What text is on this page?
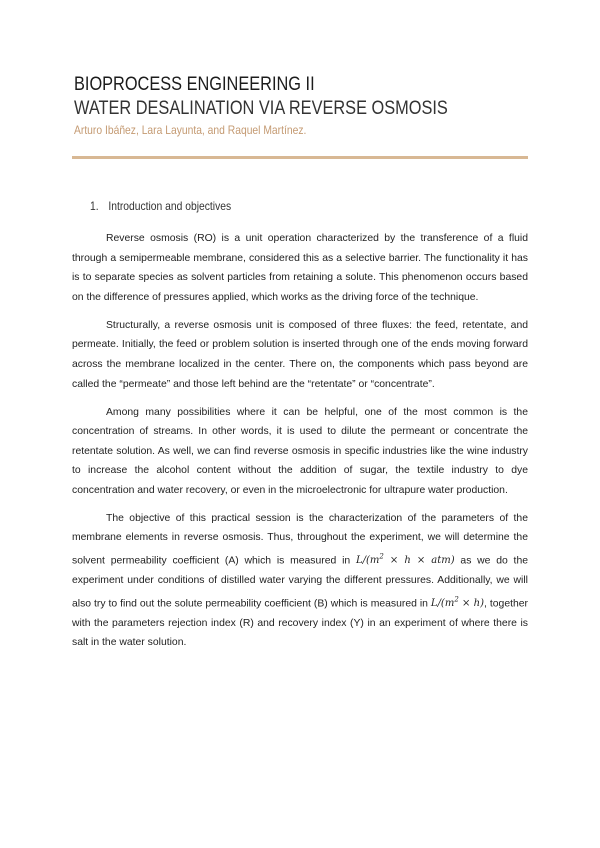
BIOPROCESS ENGINEERING II
WATER DESALINATION VIA REVERSE OSMOSIS
Arturo Ibáñez, Lara Layunta, and Raquel Martínez.
1. Introduction and objectives

Reverse osmosis (RO) is a unit operation characterized by the transference of a fluid through a semipermeable membrane, considered this as a selective barrier. The functionality it has is to separate species as solvent particles from retaining a solute. This phenomenon occurs based on the difference of pressures applied, which works as the driving force of the technique.

Structurally, a reverse osmosis unit is composed of three fluxes: the feed, retentate, and permeate. Initially, the feed or problem solution is inserted through one of the ends moving forward across the membrane localized in the center. There on, the components which pass beyond are called the “permeate” and those left behind are the “retentate” or “concentrate”.

Among many possibilities where it can be helpful, one of the most common is the concentration of streams. In other words, it is used to dilute the permeant or concentrate the retentate solution. As well, we can find reverse osmosis in specific industries like the wine industry to increase the alcohol content without the addition of sugar, the textile industry to dye concentration and water recovery, or even in the microelectronic for ultrapure water production.

The objective of this practical session is the characterization of the parameters of the membrane elements in reverse osmosis. Thus, throughout the experiment, we will determine the solvent permeability coefficient (A) which is measured in $L/(m^2 \times h \times atm)$ as we do the experiment under conditions of distilled water varying the different pressures. Additionally, we will also try to find out the solute permeability coefficient (B) which is measured in $L/(m^2 \times h)$, together with the parameters rejection index (R) and recovery index (Y) in an experiment of where there is salt in the water solution.
